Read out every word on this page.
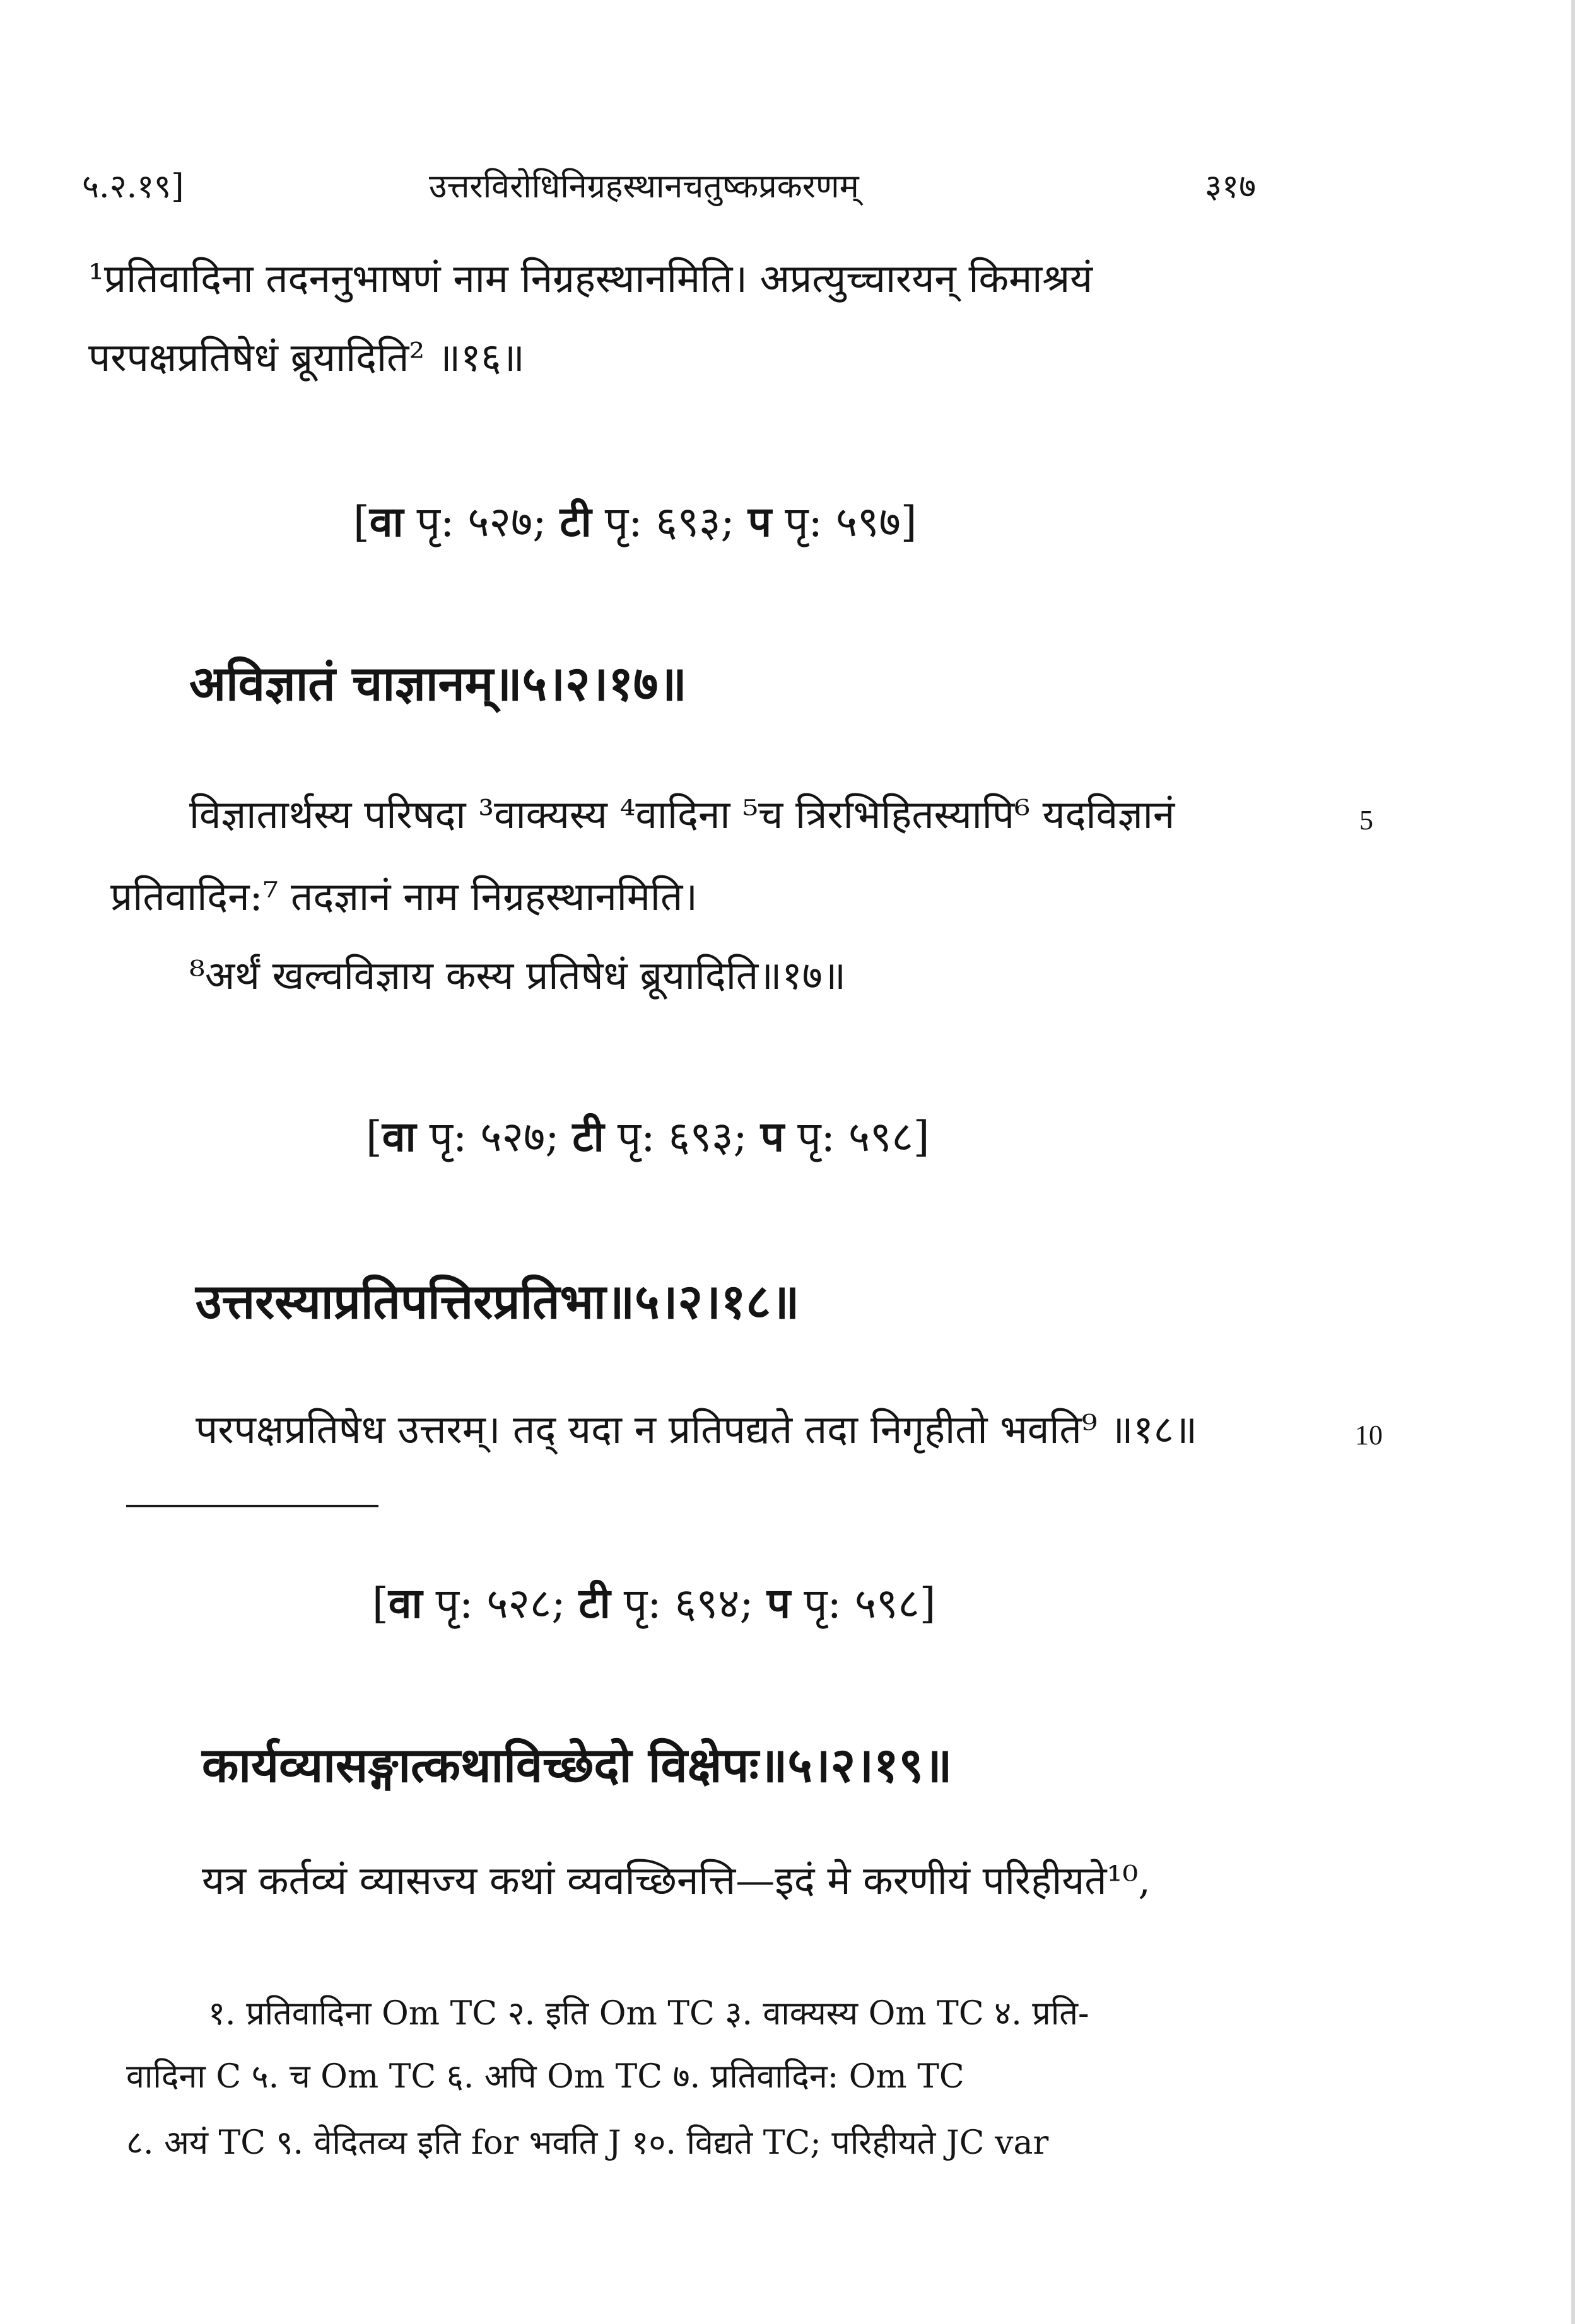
५.२.१९]	उत्तरविरोधिनिग्रहस्थानचतुष्कप्रकरणम्	३१७
¹प्रतिवादिना तदननुभाषणं नाम निग्रहस्थानमिति। अप्रत्युच्चारयन् किमाश्रयं
परपक्षप्रतिषेधं ब्रूयादिति² ॥१६॥
[वा पृ: ५२७; टी पृ: ६९३; प पृ: ५९७]
अविज्ञातं चाज्ञानम्॥५।२।१७॥
विज्ञातार्थस्य परिषदा ³वाक्यस्य ⁴वादिना ⁵च त्रिरभिहितस्यापि⁶ यदविज्ञानं	5
प्रतिवादिन:⁷ तदज्ञानं नाम निग्रहस्थानमिति।
⁸अर्थं खल्वविज्ञाय कस्य प्रतिषेधं ब्रूयादिति॥१७॥
[वा पृ: ५२७; टी पृ: ६९३; प पृ: ५९८]
उत्तरस्याप्रतिपत्तिरप्रतिभा॥५।२।१८॥
परपक्षप्रतिषेध उत्तरम्। तद् यदा न प्रतिपद्यते तदा निगृहीतो भवति⁹ ॥१८॥	10
[वा पृ: ५२८; टी पृ: ६९४; प पृ: ५९८]
कार्यव्यासङ्गात्कथाविच्छेदो विक्षेपः॥५।२।१९॥
यत्र कर्तव्यं व्यासज्य कथां व्यवच्छिनत्ति—इदं मे करणीयं परिहीयते¹⁰,
१. प्रतिवादिना Om TC २. इति Om TC ३. वाक्यस्य Om TC ४. प्रति-
वादिना C ५. च Om TC ६. अपि Om TC ७. प्रतिवादिन: Om TC
८. अयं TC ९. वेदितव्य इति for भवति J १०. विद्यते TC; परिहीयते JC var
